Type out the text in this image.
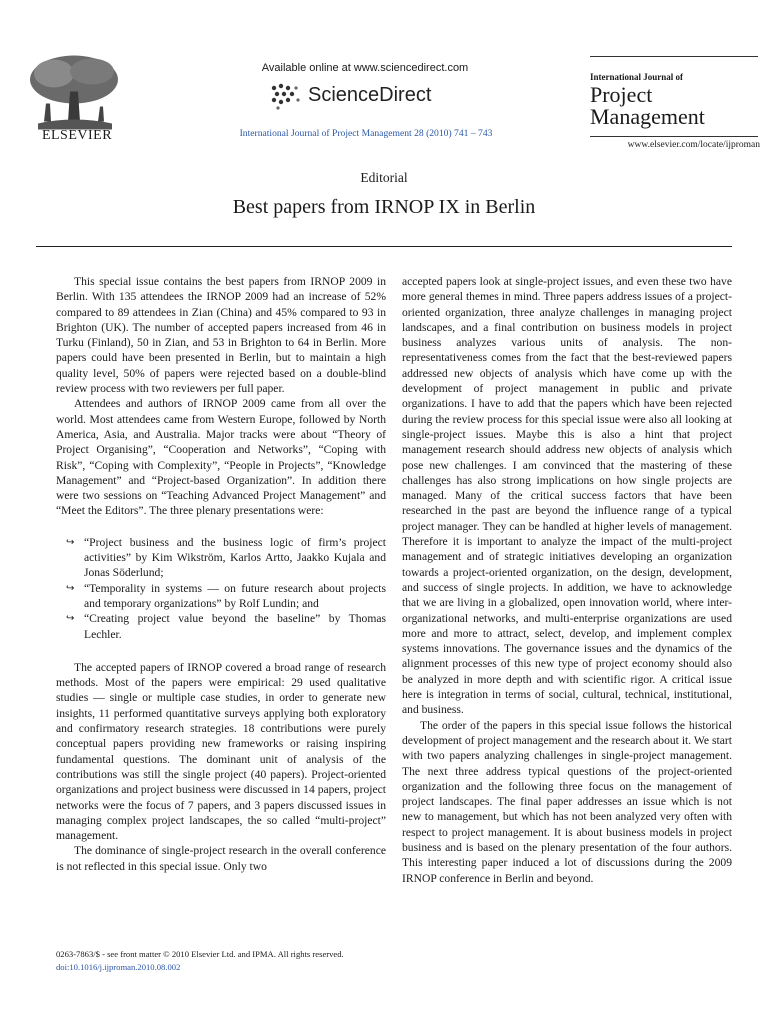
ELSEVIER
Available online at www.sciencedirect.com
ScienceDirect
International Journal of Project Management 28 (2010) 741 – 743
International Journal of
Project
Management
www.elsevier.com/locate/ijproman
Editorial
Best papers from IRNOP IX in Berlin

This special issue contains the best papers from IRNOP 2009 in Berlin. With 135 attendees the IRNOP 2009 had an increase of 52% compared to 89 attendees in Zian (China) and 45% compared to 93 in Brighton (UK). The number of accepted papers increased from 46 in Turku (Finland), 50 in Zian, and 53 in Brighton to 64 in Berlin. More papers could have been presented in Berlin, but to maintain a high quality level, 50% of papers were rejected based on a double-blind review process with two reviewers per full paper.

Attendees and authors of IRNOP 2009 came from all over the world. Most attendees came from Western Europe, followed by North America, Asia, and Australia. Major tracks were about “Theory of Project Organising”, “Cooperation and Networks”, “Coping with Risk”, “Coping with Complexity”, “People in Projects”, “Knowledge Management” and “Project-based Organization”. In addition there were two sessions on “Teaching Advanced Project Management” and “Meet the Editors”. The three plenary presentations were:

↪ “Project business and the business logic of firm’s project activities” by Kim Wikström, Karlos Artto, Jaakko Kujala and Jonas Söderlund;
↪ “Temporality in systems — on future research about projects and temporary organizations” by Rolf Lundin; and
↪ “Creating project value beyond the baseline” by Thomas Lechler.

The accepted papers of IRNOP covered a broad range of research methods. Most of the papers were empirical: 29 used qualitative studies — single or multiple case studies, in order to generate new insights, 11 performed quantitative surveys applying both exploratory and confirmatory research strategies. 18 contributions were purely conceptual papers providing new frameworks or raising inspiring fundamental questions. The dominant unit of analysis of the contributions was still the single project (40 papers). Project-oriented organizations and project business were discussed in 14 papers, project networks were the focus of 7 papers, and 3 papers discussed issues in managing complex project landscapes, the so called “multi-project” management.

The dominance of single-project research in the overall conference is not reflected in this special issue. Only two

accepted papers look at single-project issues, and even these two have more general themes in mind. Three papers address issues of a project-oriented organization, three analyze challenges in managing project landscapes, and a final contribution on business models in project business analyzes various units of analysis. The non-representativeness comes from the fact that the best-reviewed papers addressed new objects of analysis which have come up with the development of project management in public and private organizations. I have to add that the papers which have been rejected during the review process for this special issue were also all looking at single-project issues. Maybe this is also a hint that project management research should address new objects of analysis which pose new challenges. I am convinced that the mastering of these challenges has also strong implications on how single projects are managed. Many of the critical success factors that have been researched in the past are beyond the influence range of a typical project manager. They can be handled at higher levels of management. Therefore it is important to analyze the impact of the multi-project management and of strategic initiatives developing an organization towards a project-oriented organization, on the design, development, and success of single projects. In addition, we have to acknowledge that we are living in a globalized, open innovation world, where inter-organizational networks, and multi-enterprise organizations are used more and more to attract, select, develop, and implement complex systems innovations. The governance issues and the dynamics of the alignment processes of this new type of project economy should also be analyzed in more depth and with scientific rigor. A critical issue here is integration in terms of social, cultural, technical, institutional, and business.

The order of the papers in this special issue follows the historical development of project management and the research about it. We start with two papers analyzing challenges in single-project management. The next three address typical questions of the project-oriented organization and the following three focus on the management of project landscapes. The final paper addresses an issue which is not new to management, but which has not been analyzed very often with respect to project management. It is about business models in project business and is based on the plenary presentation of the four authors. This interesting paper induced a lot of discussions during the 2009 IRNOP conference in Berlin and beyond.

0263-7863/$ - see front matter © 2010 Elsevier Ltd. and IPMA. All rights reserved.
doi:10.1016/j.ijproman.2010.08.002
